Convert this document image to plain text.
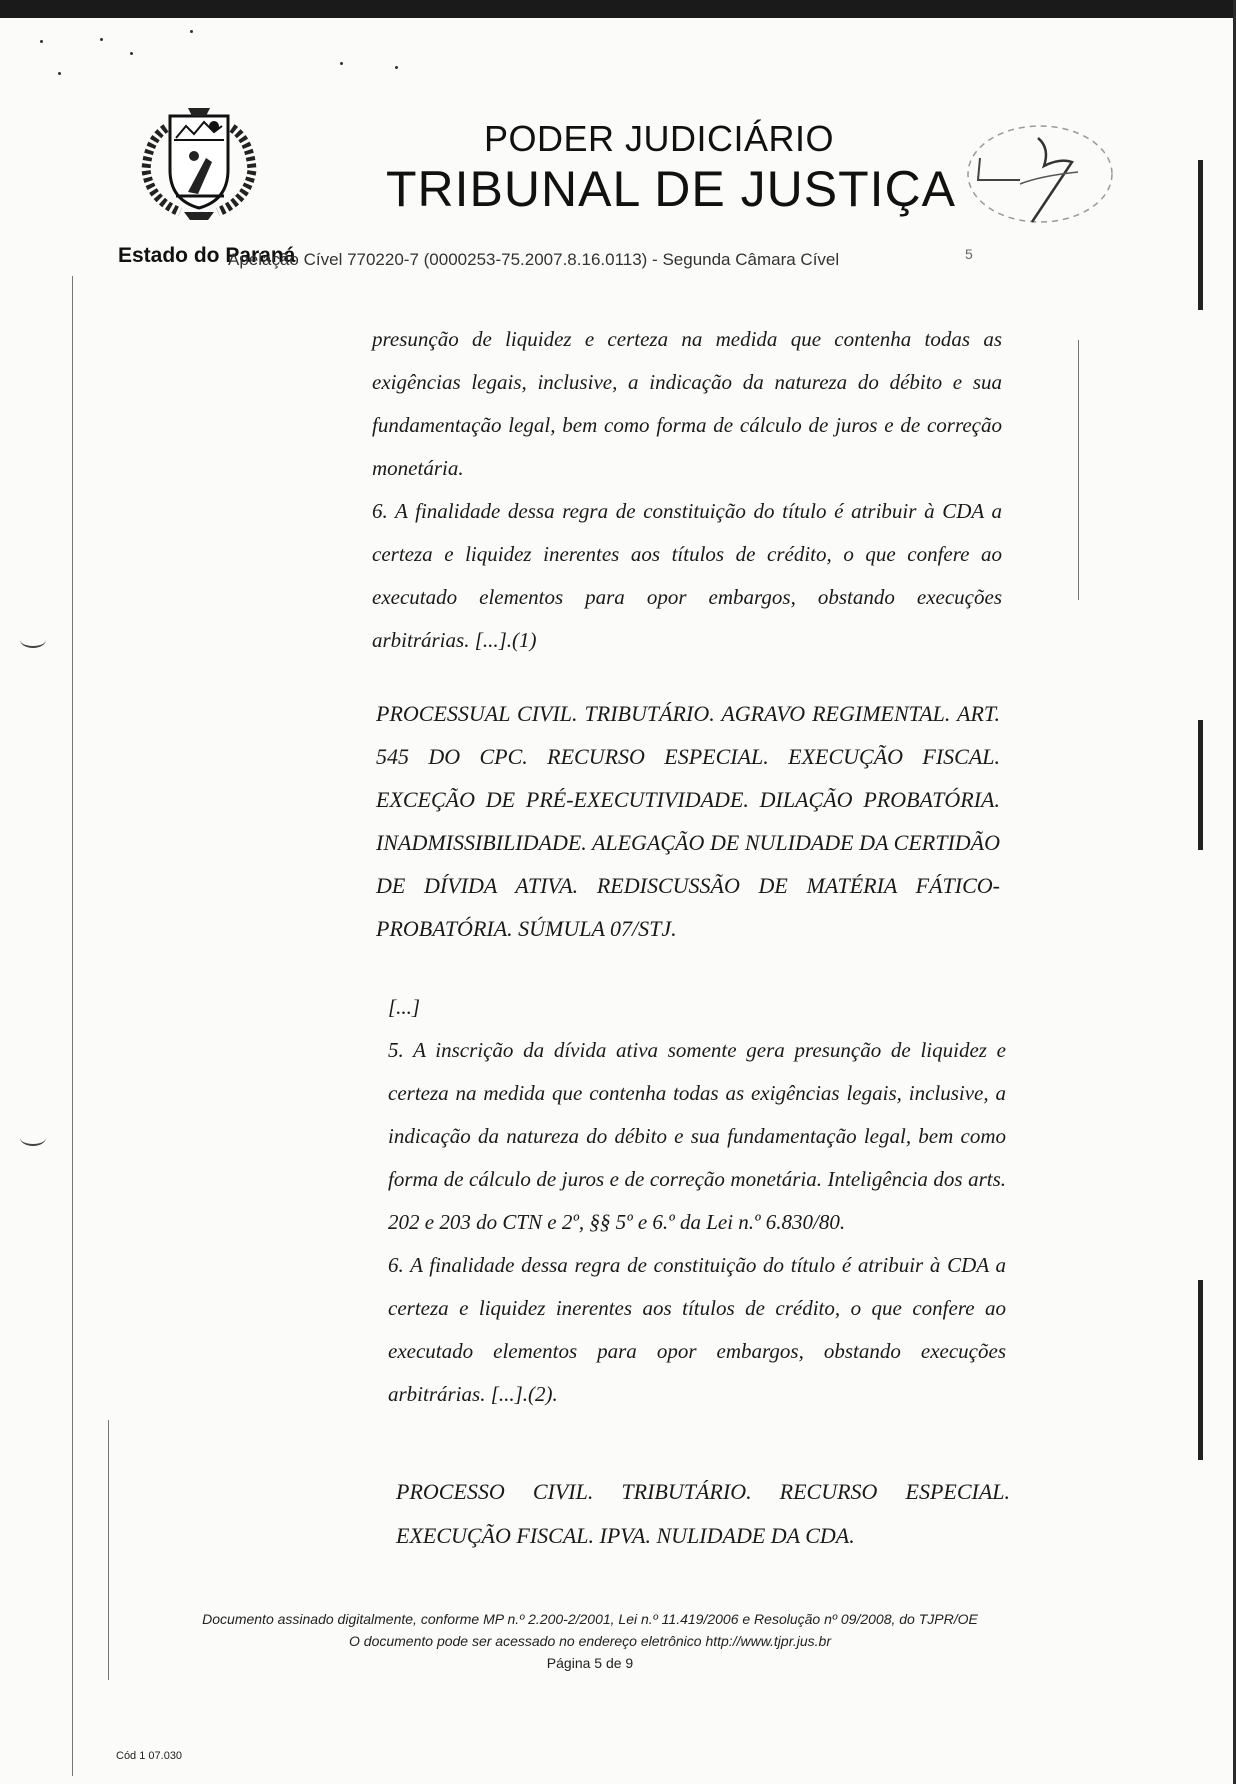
PODER JUDICIÁRIO
TRIBUNAL DE JUSTIÇA
Estado do Paraná
Apelação Cível 770220-7 (0000253-75.2007.8.16.0113) - Segunda Câmara Cível	5

presunção de liquidez e certeza na medida que contenha todas as exigências legais, inclusive, a indicação da natureza do débito e sua fundamentação legal, bem como forma de cálculo de juros e de correção monetária.

6. A finalidade dessa regra de constituição do título é atribuir à CDA a certeza e liquidez inerentes aos títulos de crédito, o que confere ao executado elementos para opor embargos, obstando execuções arbitrárias. [...].(1)

PROCESSUAL CIVIL. TRIBUTÁRIO. AGRAVO REGIMENTAL. ART. 545 DO CPC. RECURSO ESPECIAL. EXECUÇÃO FISCAL. EXCEÇÃO DE PRÉ-EXECUTIVIDADE. DILAÇÃO PROBATÓRIA. INADMISSIBILIDADE. ALEGAÇÃO DE NULIDADE DA CERTIDÃO DE DÍVIDA ATIVA. REDISCUSSÃO DE MATÉRIA FÁTICO-PROBATÓRIA. SÚMULA 07/STJ.

[...]

5. A inscrição da dívida ativa somente gera presunção de liquidez e certeza na medida que contenha todas as exigências legais, inclusive, a indicação da natureza do débito e sua fundamentação legal, bem como forma de cálculo de juros e de correção monetária. Inteligência dos arts. 202 e 203 do CTN e 2º, §§ 5º e 6.º da Lei n.º 6.830/80.

6. A finalidade dessa regra de constituição do título é atribuir à CDA a certeza e liquidez inerentes aos títulos de crédito, o que confere ao executado elementos para opor embargos, obstando execuções arbitrárias. [...].(2).

PROCESSO CIVIL. TRIBUTÁRIO. RECURSO ESPECIAL. EXECUÇÃO FISCAL. IPVA. NULIDADE DA CDA.
Documento assinado digitalmente, conforme MP n.º 2.200-2/2001, Lei n.º 11.419/2006 e Resolução nº 09/2008, do TJPR/OE
O documento pode ser acessado no endereço eletrônico http://www.tjpr.jus.br
Página 5 de 9
Cód 1 07.030
